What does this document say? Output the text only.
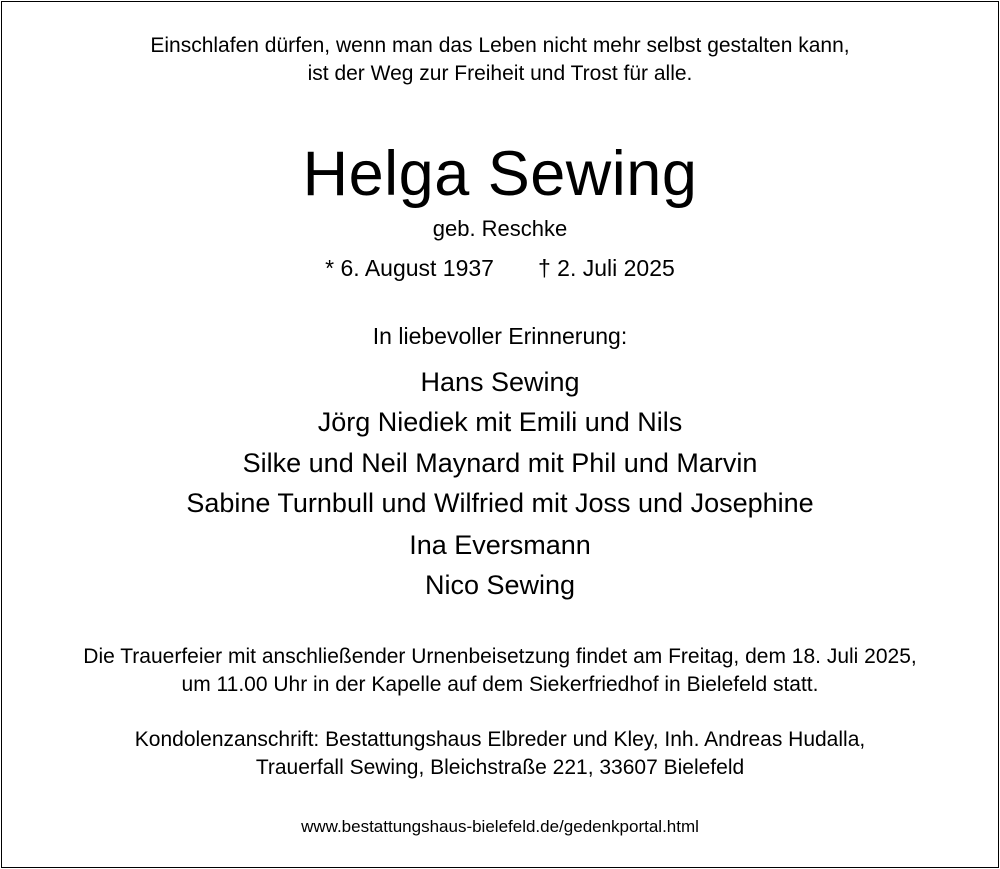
Einschlafen dürfen, wenn man das Leben nicht mehr selbst gestalten kann,
ist der Weg zur Freiheit und Trost für alle.
Helga Sewing
geb. Reschke
* 6. August 1937 † 2. Juli 2025
In liebevoller Erinnerung:
Hans Sewing
Jörg Niediek mit Emili und Nils
Silke und Neil Maynard mit Phil und Marvin
Sabine Turnbull und Wilfried mit Joss und Josephine
Ina Eversmann
Nico Sewing
Die Trauerfeier mit anschließender Urnenbeisetzung findet am Freitag, dem 18. Juli 2025,
um 11.00 Uhr in der Kapelle auf dem Siekerfriedhof in Bielefeld statt.
Kondolenzanschrift: Bestattungshaus Elbreder und Kley, Inh. Andreas Hudalla,
Trauerfall Sewing, Bleichstraße 221, 33607 Bielefeld
www.bestattungshaus-bielefeld.de/gedenkportal.html
